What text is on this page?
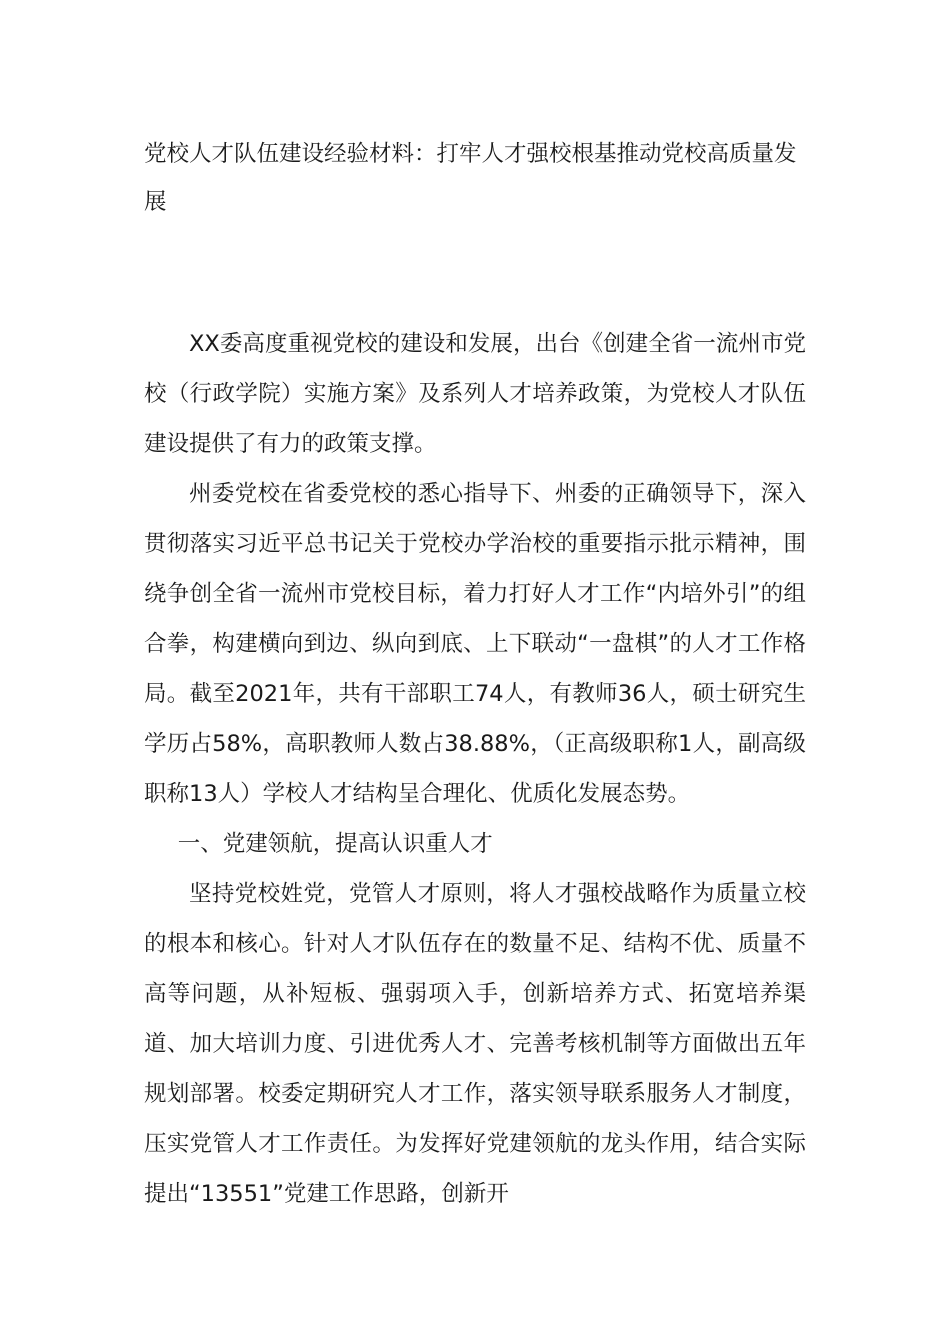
党校人才队伍建设经验材料：打牢人才强校根基推动党校高质量发展

XX委高度重视党校的建设和发展，出台《创建全省一流州市党校（行政学院）实施方案》及系列人才培养政策，为党校人才队伍建设提供了有力的政策支撑。

州委党校在省委党校的悉心指导下、州委的正确领导下，深入贯彻落实习近平总书记关于党校办学治校的重要指示批示精神，围绕争创全省一流州市党校目标，着力打好人才工作“内培外引”的组合拳，构建横向到边、纵向到底、上下联动“一盘棋”的人才工作格局。截至2021年，共有干部职工74人，有教师36人，硕士研究生学历占58%，高职教师人数占38.88%，（正高级职称1人，副高级职称13人）学校人才结构呈合理化、优质化发展态势。

一、党建领航，提高认识重人才

坚持党校姓党，党管人才原则，将人才强校战略作为质量立校的根本和核心。针对人才队伍存在的数量不足、结构不优、质量不高等问题，从补短板、强弱项入手，创新培养方式、拓宽培养渠道、加大培训力度、引进优秀人才、完善考核机制等方面做出五年规划部署。校委定期研究人才工作，落实领导联系服务人才制度，压实党管人才工作责任。为发挥好党建领航的龙头作用，结合实际提出“13551”党建工作思路，创新开
